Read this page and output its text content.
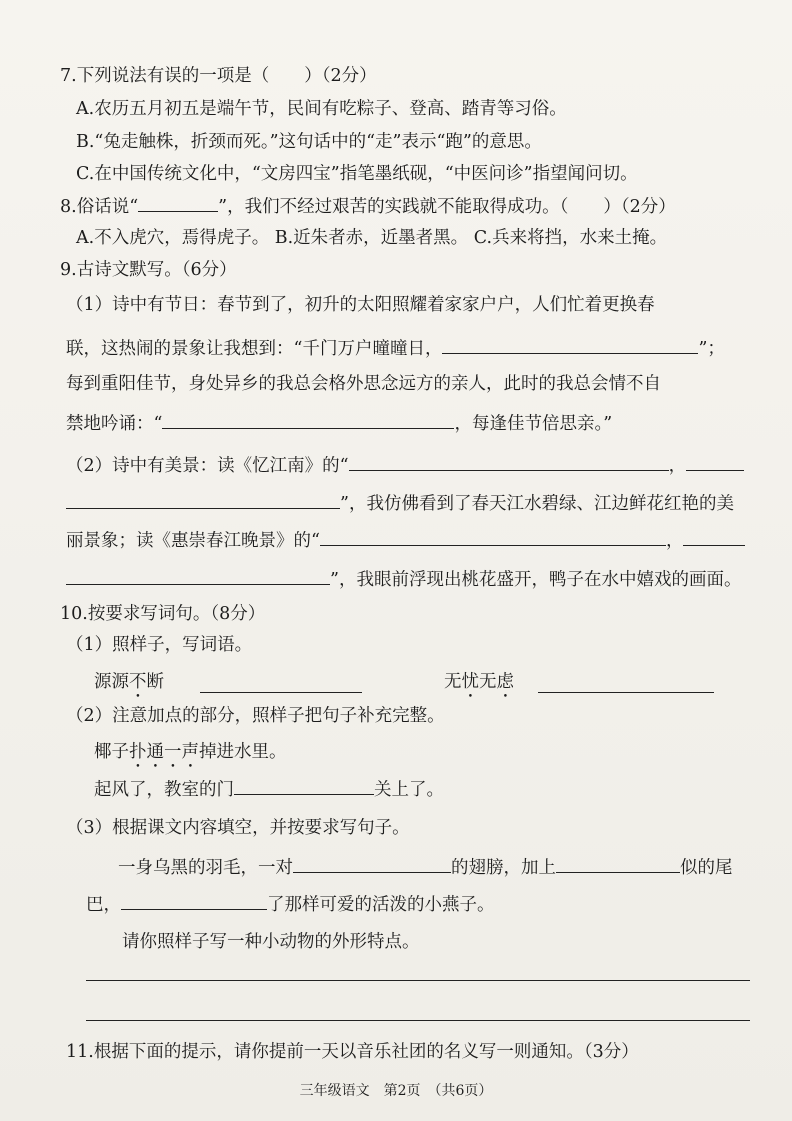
7.下列说法有误的一项是（　　）（2分）
A.农历五月初五是端午节，民间有吃粽子、登高、踏青等习俗。
B.“兔走触株，折颈而死。”这句话中的“走”表示“跑”的意思。
C.在中国传统文化中，“文房四宝”指笔墨纸砚，“中医问诊”指望闻问切。
8.俗话说“	”，我们不经过艰苦的实践就不能取得成功。（　　）（2分）
A.不入虎穴，焉得虎子。 B.近朱者赤，近墨者黑。 C.兵来将挡，水来土掩。
9.古诗文默写。（6分）
（1）诗中有节日：春节到了，初升的太阳照耀着家家户户，人们忙着更换春
联，这热闹的景象让我想到：“千门万户曈曈日，	”；
每到重阳佳节，身处异乡的我总会格外思念远方的亲人，此时的我总会情不自
禁地吟诵：“	，每逢佳节倍思亲。”
（2）诗中有美景：读《忆江南》的“	，
”，我仿佛看到了春天江水碧绿、江边鲜花红艳的美
丽景象；读《惠崇春江晚景》的“	，
”，我眼前浮现出桃花盛开，鸭子在水中嬉戏的画面。
10.按要求写词句。（8分）
（1）照样子，写词语。
源源不断	无忧无虑
（2）注意加点的部分，照样子把句子补充完整。
椰子扑通一声掉进水里。
起风了，教室的门	关上了。
（3）根据课文内容填空，并按要求写句子。
一身乌黑的羽毛，一对	的翅膀，加上	似的尾
巴，	了那样可爱的活泼的小燕子。
请你照样子写一种小动物的外形特点。
11.根据下面的提示，请你提前一天以音乐社团的名义写一则通知。（3分）
三年级语文　第2页　（共6页）
